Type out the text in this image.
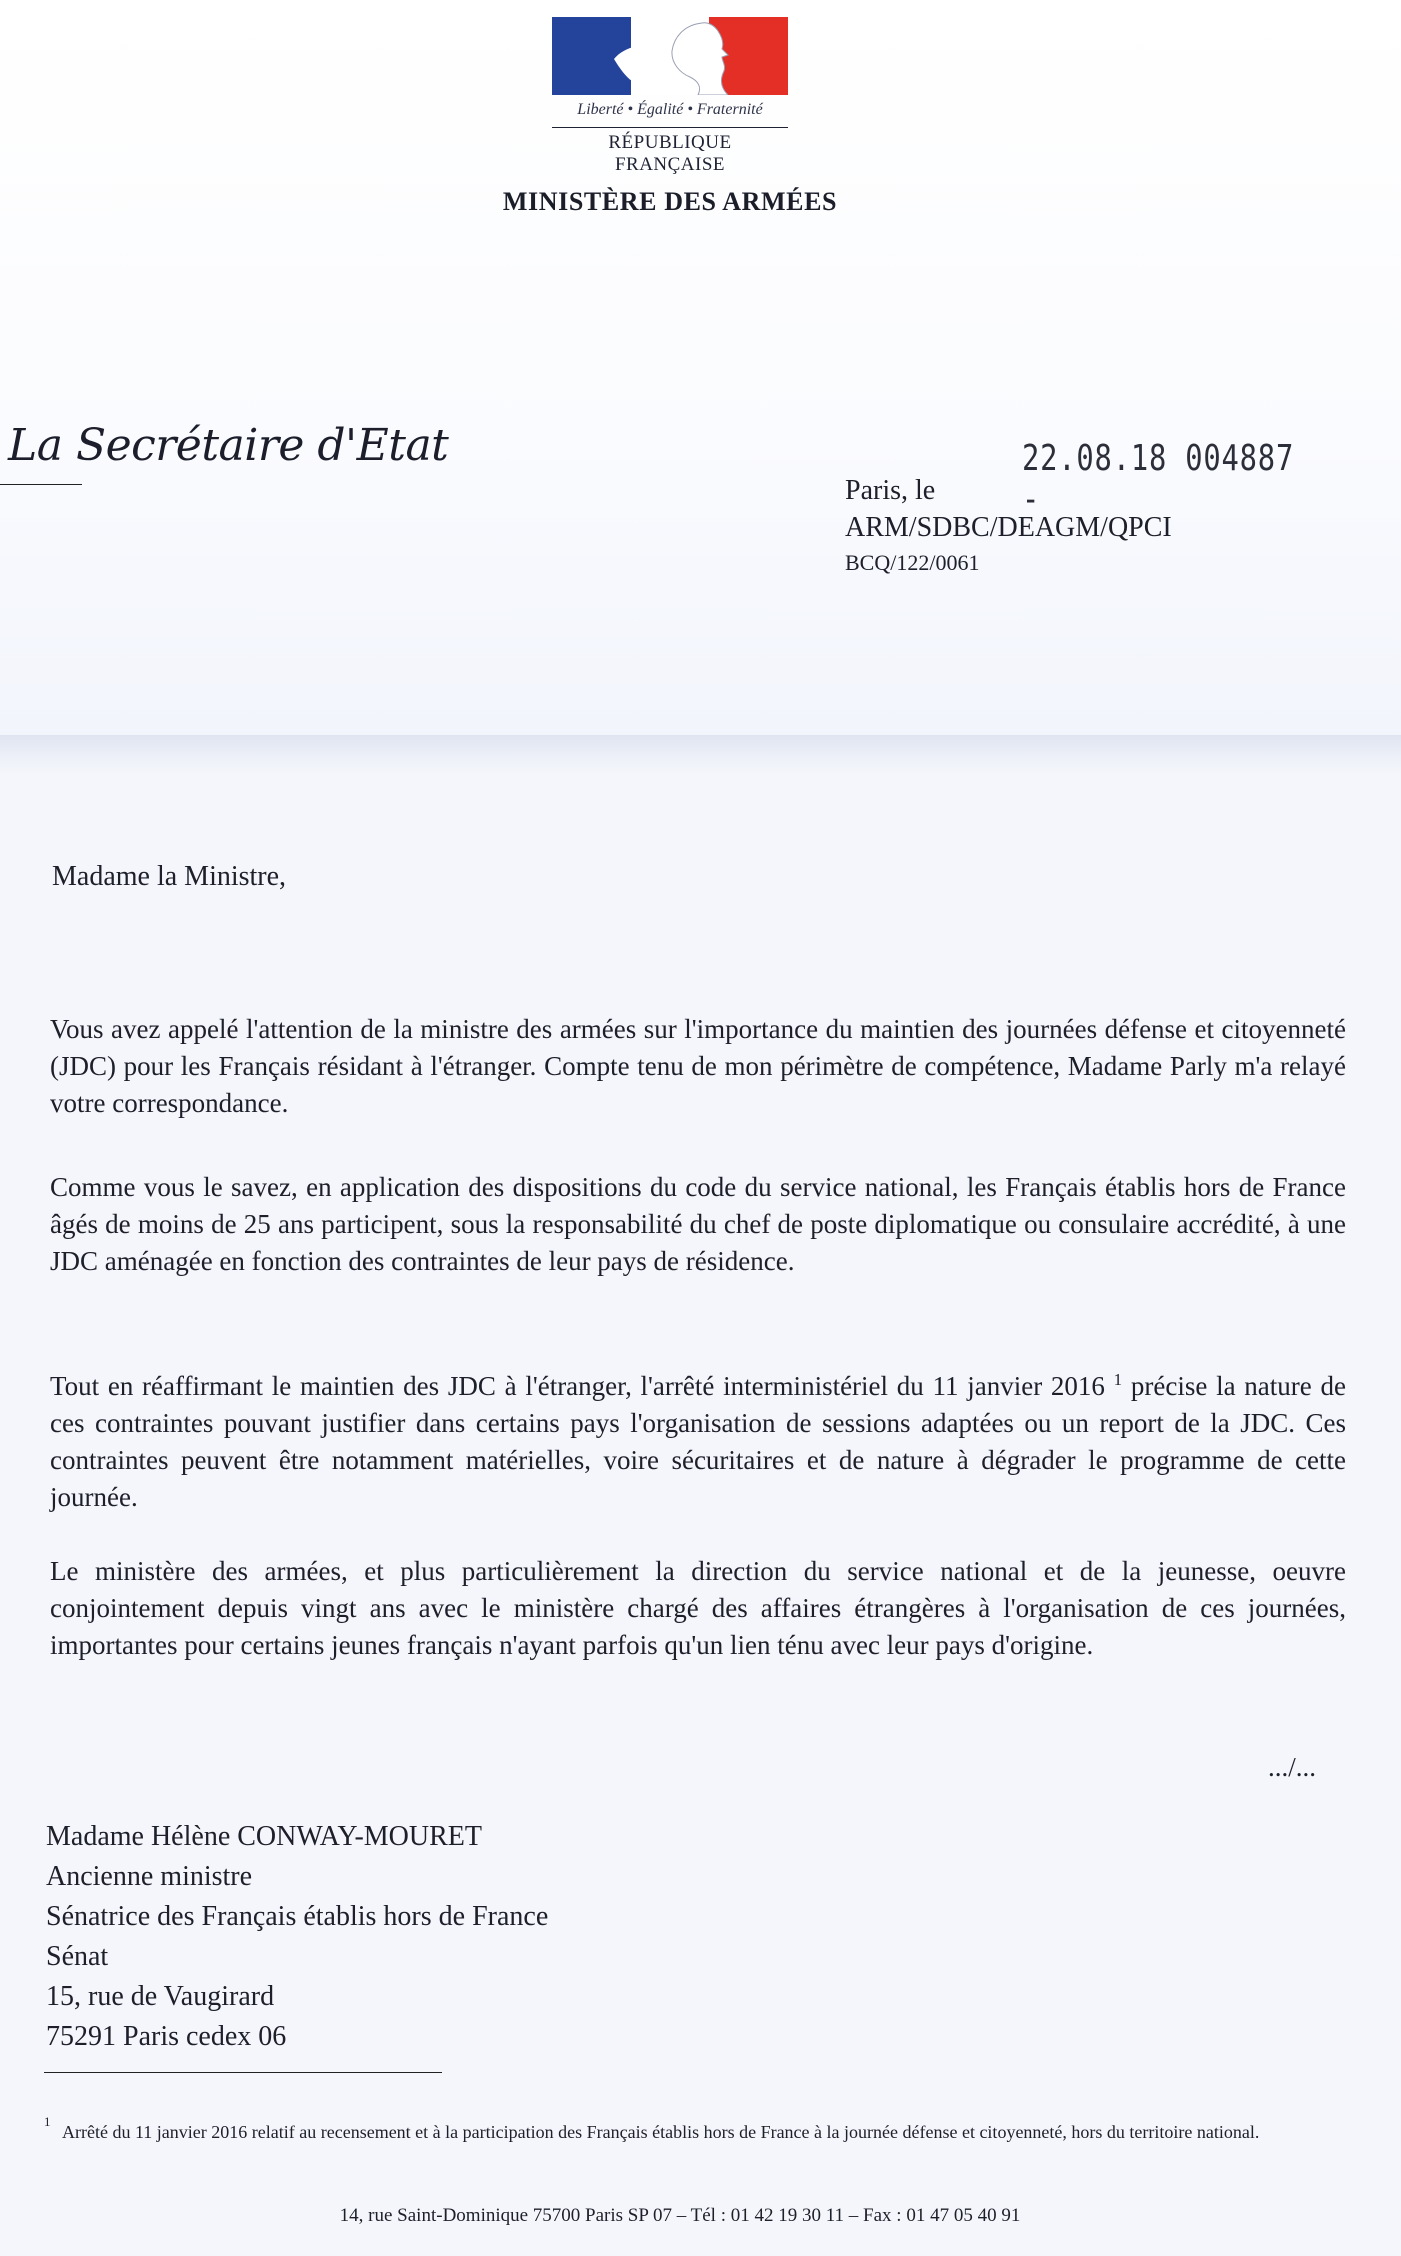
Liberté • Égalité • Fraternité
RÉPUBLIQUE FRANÇAISE
MINISTÈRE DES ARMÉES
La Secrétaire d'Etat	22.08.18 004887 -
Paris, le
ARM/SDBC/DEAGM/QPCI
BCQ/122/0061
Madame la Ministre,

Vous avez appelé l'attention de la ministre des armées sur l'importance du maintien des journées défense et citoyenneté (JDC) pour les Français résidant à l'étranger. Compte tenu de mon périmètre de compétence, Madame Parly m'a relayé votre correspondance.

Comme vous le savez, en application des dispositions du code du service national, les Français établis hors de France âgés de moins de 25 ans participent, sous la responsabilité du chef de poste diplomatique ou consulaire accrédité, à une JDC aménagée en fonction des contraintes de leur pays de résidence.

Tout en réaffirmant le maintien des JDC à l'étranger, l'arrêté interministériel du 11 janvier 2016 $^1$ précise la nature de ces contraintes pouvant justifier dans certains pays l'organisation de sessions adaptées ou un report de la JDC. Ces contraintes peuvent être notamment matérielles, voire sécuritaires et de nature à dégrader le programme de cette journée.

Le ministère des armées, et plus particulièrement la direction du service national et de la jeunesse, oeuvre conjointement depuis vingt ans avec le ministère chargé des affaires étrangères à l'organisation de ces journées, importantes pour certains jeunes français n'ayant parfois qu'un lien ténu avec leur pays d'origine.

.../...
Madame Hélène CONWAY-MOURET
Ancienne ministre
Sénatrice des Français établis hors de France
Sénat
15, rue de Vaugirard
75291 Paris cedex 06
1
Arrêté du 11 janvier 2016 relatif au recensement et à la participation des Français établis hors de France à la journée défense et citoyenneté, hors du territoire national.
14, rue Saint-Dominique 75700 Paris SP 07 – Tél : 01 42 19 30 11 – Fax : 01 47 05 40 91
